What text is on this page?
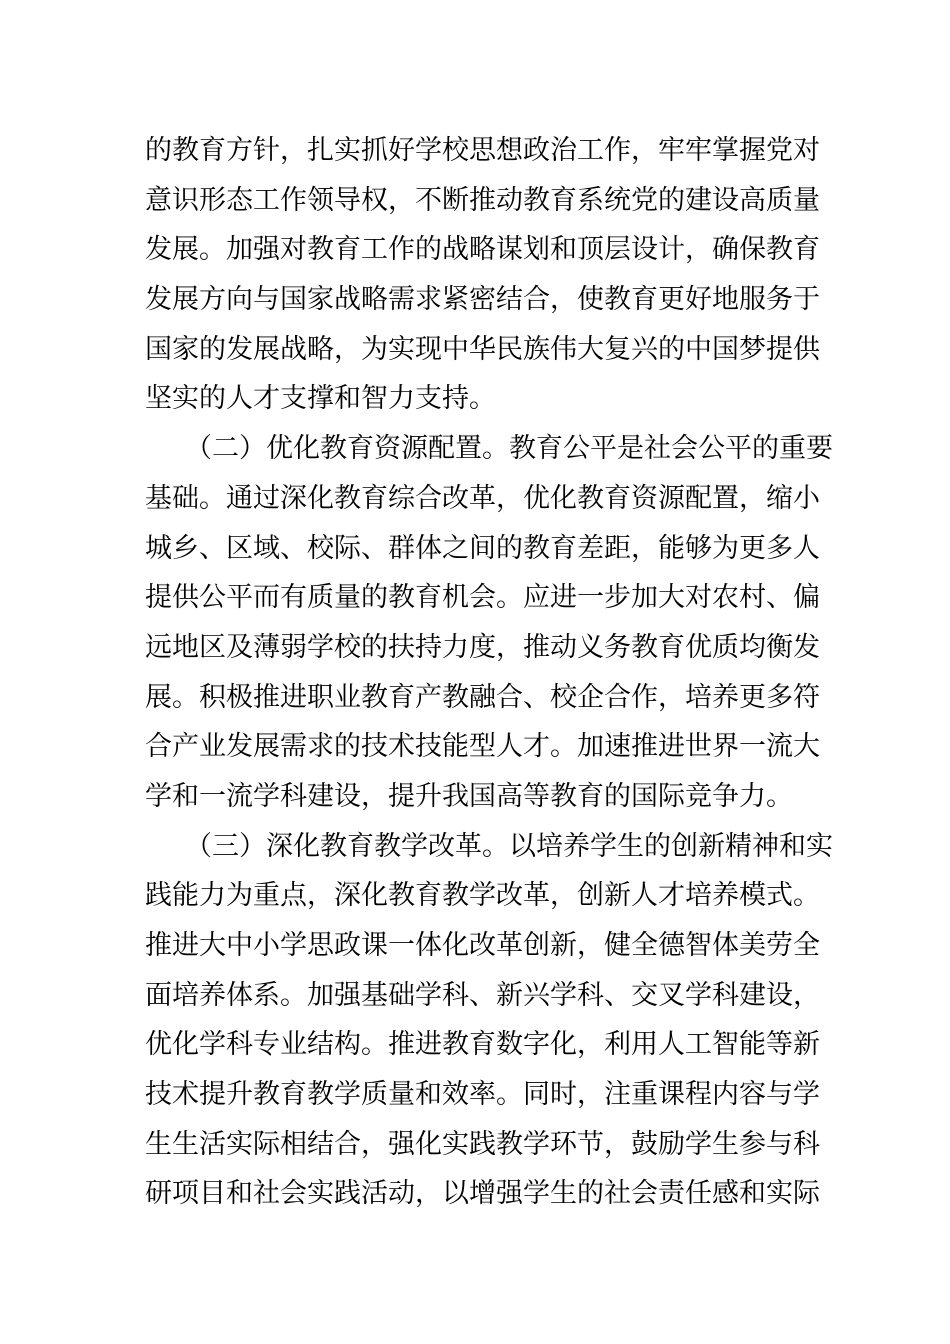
的教育方针，扎实抓好学校思想政治工作，牢牢掌握党对
意识形态工作领导权，不断推动教育系统党的建设高质量
发展。加强对教育工作的战略谋划和顶层设计，确保教育
发展方向与国家战略需求紧密结合，使教育更好地服务于
国家的发展战略，为实现中华民族伟大复兴的中国梦提供
坚实的人才支撑和智力支持。
（二）优化教育资源配置。教育公平是社会公平的重要
基础。通过深化教育综合改革，优化教育资源配置，缩小
城乡、区域、校际、群体之间的教育差距，能够为更多人
提供公平而有质量的教育机会。应进一步加大对农村、偏
远地区及薄弱学校的扶持力度，推动义务教育优质均衡发
展。积极推进职业教育产教融合、校企合作，培养更多符
合产业发展需求的技术技能型人才。加速推进世界一流大
学和一流学科建设，提升我国高等教育的国际竞争力。
（三）深化教育教学改革。以培养学生的创新精神和实
践能力为重点，深化教育教学改革，创新人才培养模式。
推进大中小学思政课一体化改革创新，健全德智体美劳全
面培养体系。加强基础学科、新兴学科、交叉学科建设，
优化学科专业结构。推进教育数字化，利用人工智能等新
技术提升教育教学质量和效率。同时，注重课程内容与学
生生活实际相结合，强化实践教学环节，鼓励学生参与科
研项目和社会实践活动，以增强学生的社会责任感和实际
